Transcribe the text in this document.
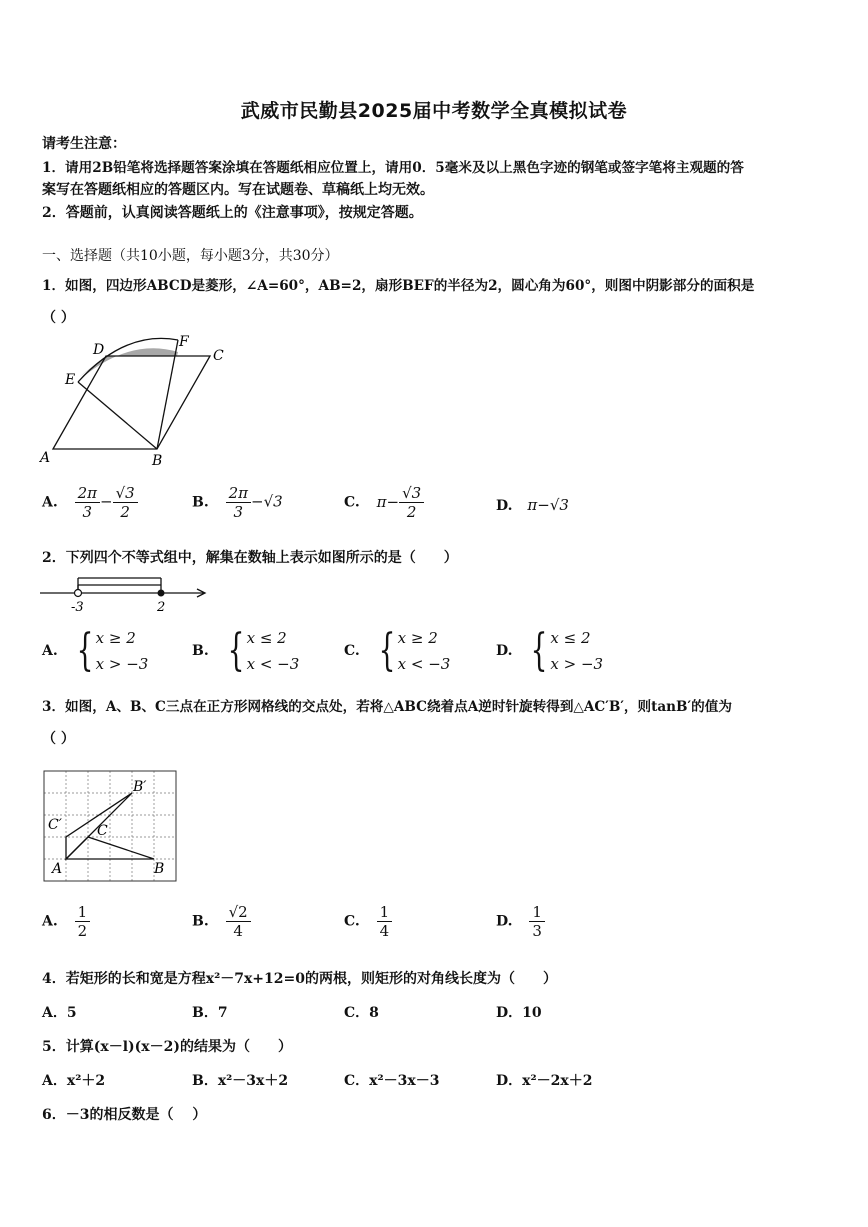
武威市民勤县2025届中考数学全真模拟试卷
请考生注意：
1．请用2B铅笔将选择题答案涂填在答题纸相应位置上，请用0．5毫米及以上黑色字迹的钢笔或签字笔将主观题的答
案写在答题纸相应的答题区内。写在试题卷、草稿纸上均无效。
2．答题前，认真阅读答题纸上的《注意事项》，按规定答题。
一、选择题（共10小题，每小题3分，共30分）
1．如图，四边形ABCD是菱形，∠A=60°，AB=2，扇形BEF的半径为2，圆心角为60°，则图中阴影部分的面积是
（ ）
A	B
C
D
E
F
A. $\frac{2\pi}{3} - \frac{√3}{2}$	B. $\frac{2\pi}{3} -√3$	C. $\pi- \frac{√3}{2}$	D. π−√3
2．下列四个不等式组中，解集在数轴上表示如图所示的是（　　）
-3	2
A. { x ≥ 2
x > −3
B. { x ≤ 2
x < −3
C. { x ≥ 2
x < −3
D. { x ≤ 2
x > −3
3．如图，A、B、C三点在正方形网格线的交点处，若将△ABC绕着点A逆时针旋转得到△AC′B′，则tanB′的值为
（ ）
A	B
C
C′
B′
A. $\frac{1}{2}$	B. $\frac{√2}{4}$	C. $\frac{1}{4}$	D. $\frac{1}{3}$
4．若矩形的长和宽是方程x²－7x+12=0的两根，则矩形的对角线长度为（　　）
A．5	B．7	C．8	D．10
5．计算(x－l)(x－2)的结果为（　　）
A．x²＋2	B．x²－3x＋2	C．x²－3x－3	D．x²－2x＋2
6．－3的相反数是（　 ）
